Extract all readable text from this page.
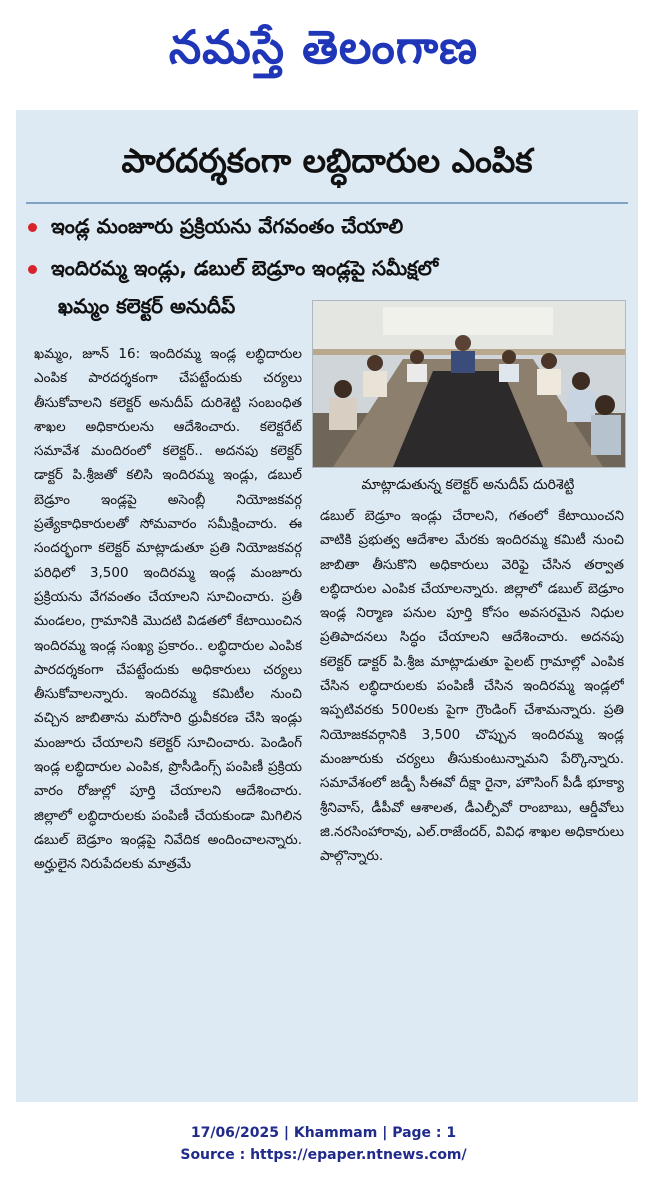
నమస్తే తెలంగాణ
పారదర్శకంగా లబ్ధిదారుల ఎంపిక
ఇండ్ల మంజూరు ప్రక్రియను వేగవంతం చేయాలి
ఇందిరమ్మ ఇండ్లు, డబుల్ బెడ్రూం ఇండ్లపై సమీక్షలో
ఖమ్మం కలెక్టర్ అనుదీప్
మాట్లాడుతున్న కలెక్టర్ అనుదీప్ దురిశెట్టి

ఖమ్మం, జూన్ 16: ఇందిరమ్మ ఇండ్ల లబ్ధిదారుల ఎంపిక పారదర్శకంగా చేపట్టేందుకు చర్యలు తీసుకోవాలని కలెక్టర్ అనుదీప్ దురిశెట్టి సంబంధిత శాఖల అధికారులను ఆదేశించారు. కలెక్టరేట్ సమావేశ మందిరంలో కలెక్టర్.. అదనపు కలెక్టర్ డాక్టర్ పి.శ్రీజతో కలిసి ఇందిరమ్మ ఇండ్లు, డబుల్ బెడ్రూం ఇండ్లపై అసెంబ్లీ నియోజకవర్గ ప్రత్యేకాధికారులతో సోమవారం సమీక్షించారు. ఈ సందర్భంగా కలెక్టర్ మాట్లాడుతూ ప్రతి నియోజకవర్గ పరిధిలో 3,500 ఇందిరమ్మ ఇండ్ల మంజూరు ప్రక్రియను వేగవంతం చేయాలని సూచించారు. ప్రతీ మండలం, గ్రామానికి మొదటి విడతలో కేటాయించిన ఇందిరమ్మ ఇండ్ల సంఖ్య ప్రకారం.. లబ్ధిదారుల ఎంపిక పారదర్శకంగా చేపట్టేందుకు అధికారులు చర్యలు తీసుకోవాలన్నారు. ఇందిరమ్మ కమిటీల నుంచి వచ్చిన జాబితాను మరోసారి ధ్రువీకరణ చేసి ఇండ్లు మంజూరు చేయాలని కలెక్టర్ సూచించారు. పెండింగ్ ఇండ్ల లబ్ధిదారుల ఎంపిక, ప్రొసీడింగ్స్ పంపిణీ ప్రక్రియ వారం రోజుల్లో పూర్తి చేయాలని ఆదేశించారు. జిల్లాలో లబ్ధిదారులకు పంపిణీ చేయకుండా మిగిలిన డబుల్ బెడ్రూం ఇండ్లపై నివేదిక అందించాలన్నారు. అర్హులైన నిరుపేదలకు మాత్రమే

డబుల్ బెడ్రూం ఇండ్లు చేరాలని, గతంలో కేటాయించని వాటికి ప్రభుత్వ ఆదేశాల మేరకు ఇందిరమ్మ కమిటీ నుంచి జాబితా తీసుకొని అధికారులు వెరిఫై చేసిన తర్వాత లబ్ధిదారుల ఎంపిక చేయాలన్నారు. జిల్లాలో డబుల్ బెడ్రూం ఇండ్ల నిర్మాణ పనుల పూర్తి కోసం అవసరమైన నిధుల ప్రతిపాదనలు సిద్ధం చేయాలని ఆదేశించారు. అదనపు కలెక్టర్ డాక్టర్ పి.శ్రీజ మాట్లాడుతూ పైలట్ గ్రామాల్లో ఎంపిక చేసిన లబ్ధిదారులకు పంపిణీ చేసిన ఇందిరమ్మ ఇండ్లలో ఇప్పటివరకు 500లకు పైగా గ్రౌండింగ్ చేశామన్నారు. ప్రతి నియోజకవర్గానికి 3,500 చొప్పున ఇందిరమ్మ ఇండ్ల మంజూరుకు చర్యలు తీసుకుంటున్నామని పేర్కొన్నారు. సమావేశంలో జడ్పీ సీఈవో దీక్షా రైనా, హౌసింగ్ పీడీ భూక్యా శ్రీనివాస్, డీపీవో ఆశాలత, డీఎల్పీవో రాంబాబు, ఆర్డీవోలు జి.నరసింహారావు, ఎల్.రాజేందర్, వివిధ శాఖల అధికారులు పాల్గొన్నారు.

17/06/2025 | Khammam | Page : 1
Source : https://epaper.ntnews.com/
